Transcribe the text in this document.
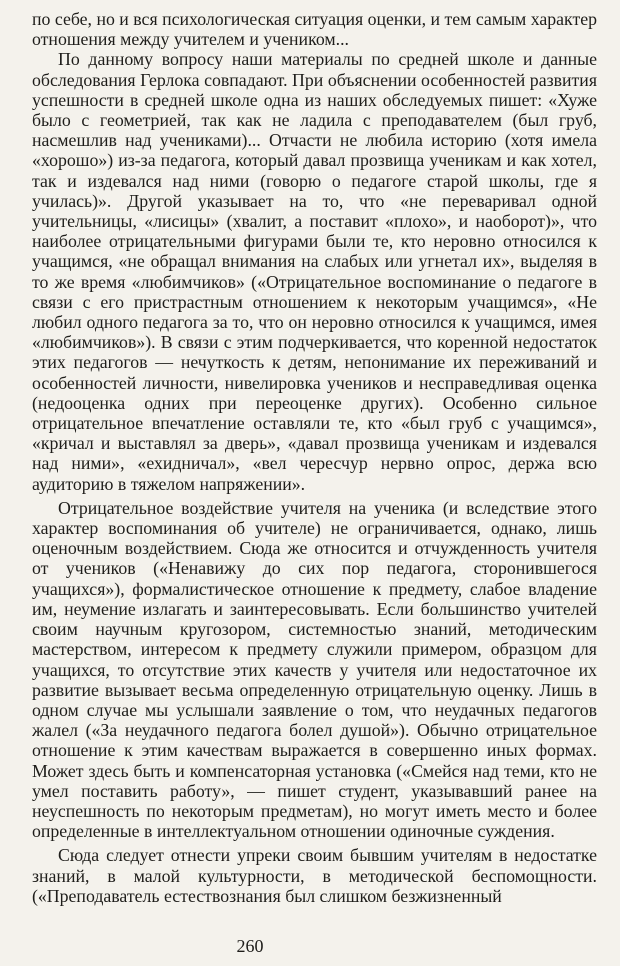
по себе, но и вся психологическая ситуация оценки, и тем самым характер отношения между учителем и учеником...

По данному вопросу наши материалы по средней школе и данные обследования Герлока совпадают. При объяснении особенностей развития успешности в средней школе одна из наших обследуемых пишет: «Хуже было с геометрией, так как не ладила с преподавателем (был груб, насмешлив над учениками)... Отчасти не любила историю (хотя имела «хорошо») из-за педагога, который давал прозвища ученикам и как хотел, так и издевался над ними (говорю о педагоге старой школы, где я училась)». Другой указывает на то, что «не переваривал одной учительницы, «лисицы» (хвалит, а поставит «плохо», и наоборот)», что наиболее отрицательными фигурами были те, кто неровно относился к учащимся, «не обращал внимания на слабых или угнетал их», выделяя в то же время «любимчиков» («Отрицательное воспоминание о педагоге в связи с его пристрастным отношением к некоторым учащимся», «Не любил одного педагога за то, что он неровно относился к учащимся, имея «любимчиков»). В связи с этим подчеркивается, что коренной недостаток этих педагогов — нечуткость к детям, непонимание их переживаний и особенностей личности, нивелировка учеников и несправедливая оценка (недооценка одних при переоценке других). Особенно сильное отрицательное впечатление оставляли те, кто «был груб с учащимся», «кричал и выставлял за дверь», «давал прозвища ученикам и издевался над ними», «ехидничал», «вел чересчур нервно опрос, держа всю аудиторию в тяжелом напряжении».

Отрицательное воздействие учителя на ученика (и вследствие этого характер воспоминания об учителе) не ограничивается, однако, лишь оценочным воздействием. Сюда же относится и отчужденность учителя от учеников («Ненавижу до сих пор педагога, сторонившегося учащихся»), формалистическое отношение к предмету, слабое владение им, неумение излагать и заинтересовывать. Если большинство учителей своим научным кругозором, системностью знаний, методическим мастерством, интересом к предмету служили примером, образцом для учащихся, то отсутствие этих качеств у учителя или недостаточное их развитие вызывает весьма определенную отрицательную оценку. Лишь в одном случае мы услышали заявление о том, что неудачных педагогов жалел («За неудачного педагога болел душой»). Обычно отрицательное отношение к этим качествам выражается в совершенно иных формах. Может здесь быть и компенсаторная установка («Смейся над теми, кто не умел поставить работу», — пишет студент, указывавший ранее на неуспешность по некоторым предметам), но могут иметь место и более определенные в интеллектуальном отношении одиночные суждения.

Сюда следует отнести упреки своим бывшим учителям в недостатке знаний, в малой культурности, в методической беспомощности. («Преподаватель естествознания был слишком безжизненный

260
